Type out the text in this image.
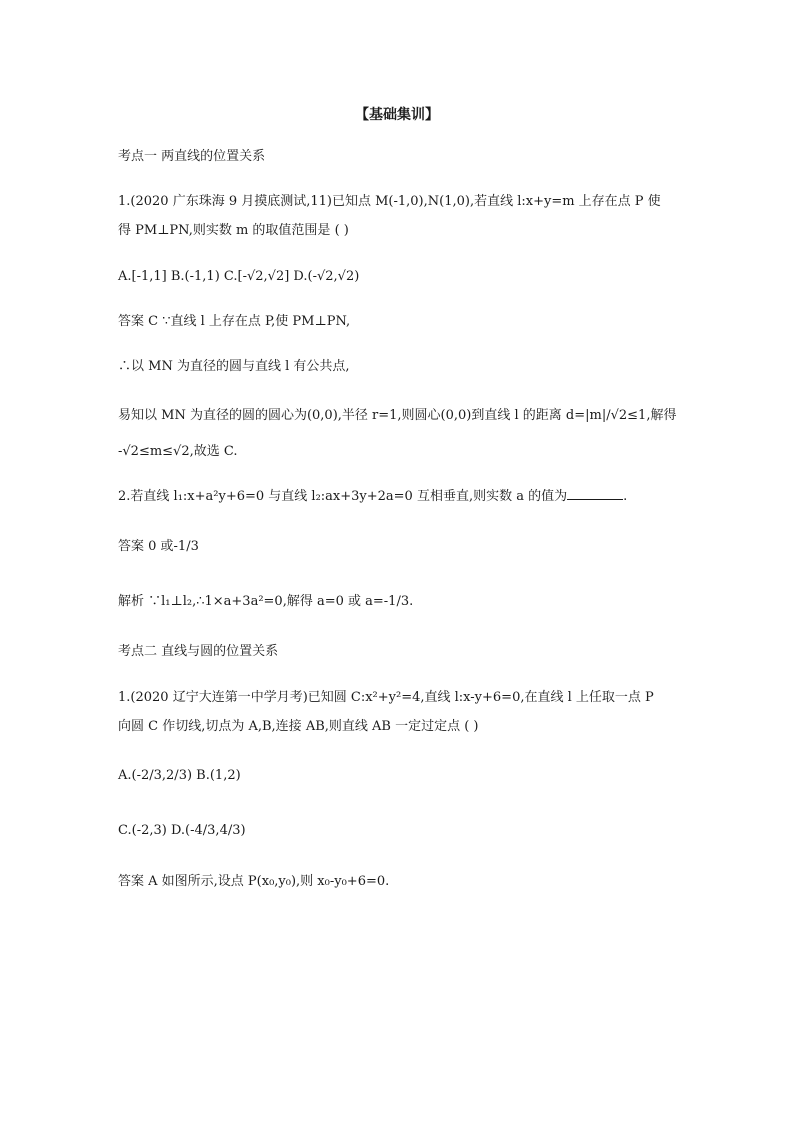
【基础集训】
考点一 两直线的位置关系
1.(2020 广东珠海 9 月摸底测试,11)已知点 M(-1,0),N(1,0),若直线 l:x+y=m 上存在点 P 使
得 PM⊥PN,则实数 m 的取值范围是 ( )
A.[-1,1] B.(-1,1) C.[-√2,√2] D.(-√2,√2)
答案 C ∵直线 l 上存在点 P,使 PM⊥PN,
∴以 MN 为直径的圆与直线 l 有公共点,
易知以 MN 为直径的圆的圆心为(0,0),半径 r=1,则圆心(0,0)到直线 l 的距离 d=|m|/√2≤1,解得
-√2≤m≤√2,故选 C.
2.若直线 l₁:x+a²y+6=0 与直线 l₂:ax+3y+2a=0 互相垂直,则实数 a 的值为	.
答案 0 或-1/3
解析 ∵l₁⊥l₂,∴1×a+3a²=0,解得 a=0 或 a=-1/3.
考点二 直线与圆的位置关系
1.(2020 辽宁大连第一中学月考)已知圆 C:x²+y²=4,直线 l:x-y+6=0,在直线 l 上任取一点 P
向圆 C 作切线,切点为 A,B,连接 AB,则直线 AB 一定过定点 ( )
A.(-2/3,2/3) B.(1,2)
C.(-2,3) D.(-4/3,4/3)
答案 A 如图所示,设点 P(x₀,y₀),则 x₀-y₀+6=0.
